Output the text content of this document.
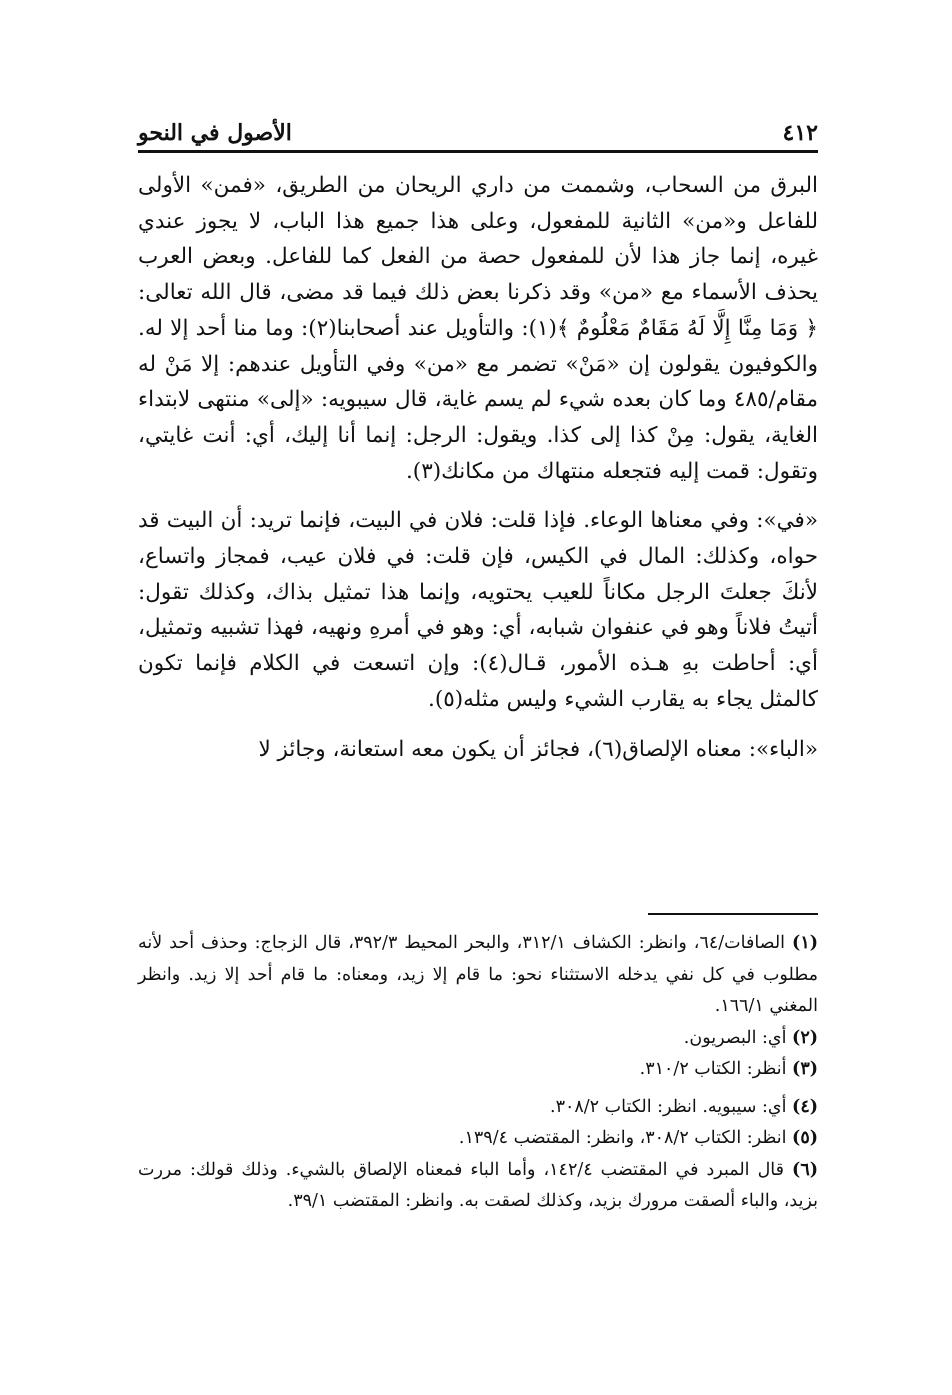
٤١٢
الأصول في النحو

البرق من السحاب، وشممت من داري الريحان من الطريق، «فمن» الأولى للفاعل و«من» الثانية للمفعول، وعلى هذا جميع هذا الباب، لا يجوز عندي غيره، إنما جاز هذا لأن للمفعول حصة من الفعل كما للفاعل. وبعض العرب يحذف الأسماء مع «من» وقد ذكرنا بعض ذلك فيما قد مضى، قال الله تعالى: ﴿ وَمَا مِنَّا إِلَّا لَهُ مَقَامٌ مَعْلُومٌ ﴾(١): والتأويل عند أصحابنا(٢): وما منا أحد إلا له. والكوفيون يقولون إن «مَنْ» تضمر مع «من» وفي التأويل عندهم: إلا مَنْ له مقام/٤٨٥ وما كان بعده شيء لم يسم غاية، قال سيبويه: «إلى» منتهى لابتداء الغاية، يقول: مِنْ كذا إلى كذا. ويقول: الرجل: إنما أنا إليك، أي: أنت غايتي، وتقول: قمت إليه فتجعله منتهاك من مكانك(٣).

«في»: وفي معناها الوعاء. فإذا قلت: فلان في البيت، فإنما تريد: أن البيت قد حواه، وكذلك: المال في الكيس، فإن قلت: في فلان عيب، فمجاز واتساع، لأنكَ جعلتَ الرجل مكاناً للعيب يحتويه، وإنما هذا تمثيل بذاك، وكذلك تقول: أتيتُ فلاناً وهو في عنفوان شبابه، أي: وهو في أمرهِ ونهيه، فهذا تشبيه وتمثيل، أي: أحاطت بهِ هـذه الأمور، قـال(٤): وإن اتسعت في الكلام فإنما تكون كالمثل يجاء به يقارب الشيء وليس مثله(٥).

«الباء»: معناه الإلصاق(٦)، فجائز أن يكون معه استعانة، وجائز لا

(١) الصافات/٦٤، وانظر: الكشاف ٣١٢/١، والبحر المحيط ٣٩٢/٣، قال الزجاج: وحذف أحد لأنه مطلوب في كل نفي يدخله الاستثناء نحو: ما قام إلا زيد، ومعناه: ما قام أحد إلا زيد. وانظر المغني ١٦٦/١.

(٢) أي: البصريون.

(٣) أنظر: الكتاب ٣١٠/٢.

(٤) أي: سيبويه. انظر: الكتاب ٣٠٨/٢.

(٥) انظر: الكتاب ٣٠٨/٢، وانظر: المقتضب ١٣٩/٤.

(٦) قال المبرد في المقتضب ١٤٢/٤، وأما الباء فمعناه الإلصاق بالشيء. وذلك قولك: مررت بزيد، والباء ألصقت مرورك بزيد، وكذلك لصقت به. وانظر: المقتضب ٣٩/١.
